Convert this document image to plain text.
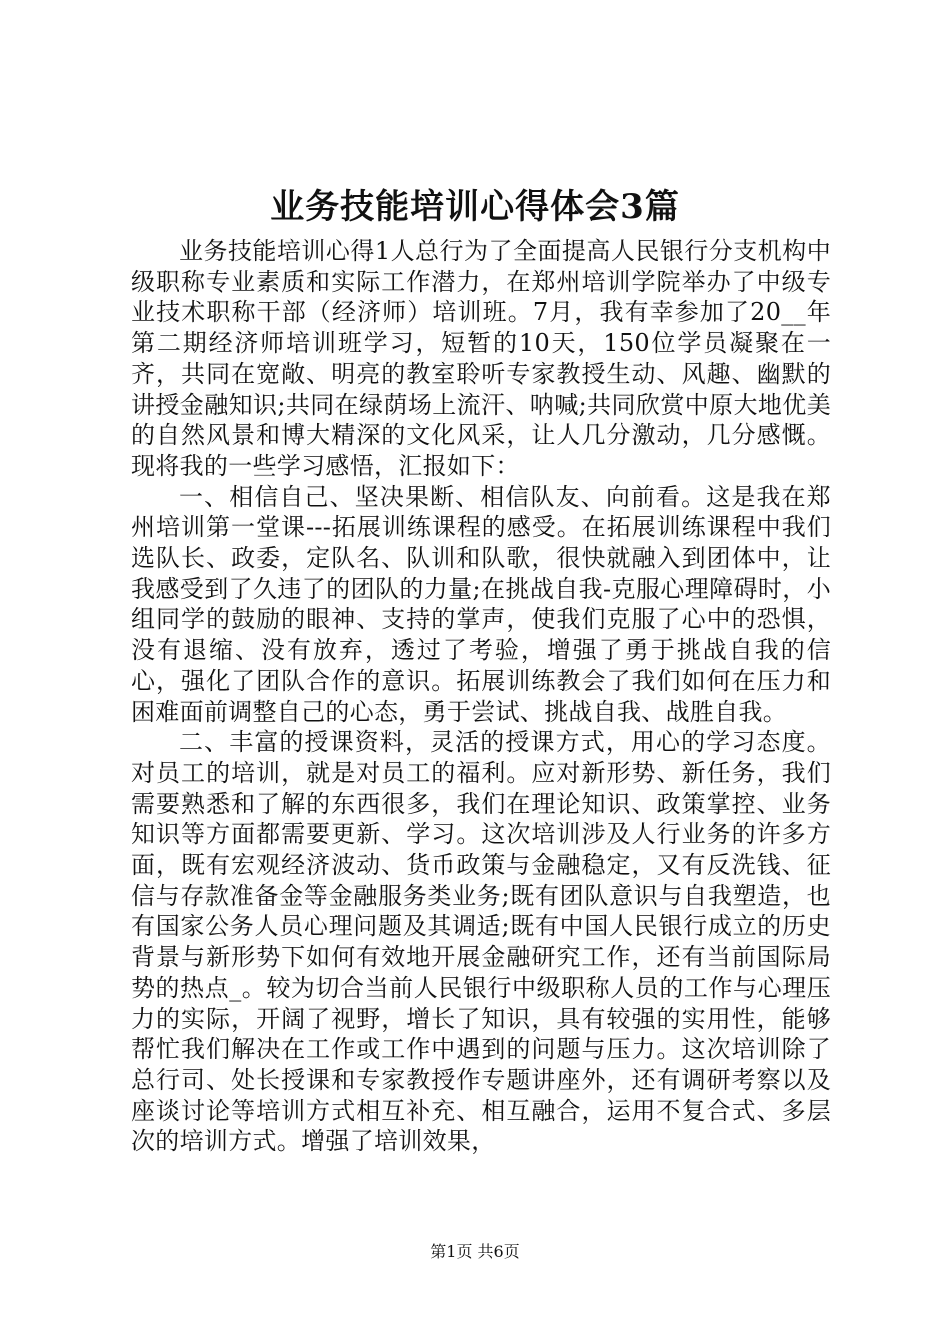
业务技能培训心得体会3篇

业务技能培训心得1人总行为了全面提高人民银行分支机构中级职称专业素质和实际工作潜力，在郑州培训学院举办了中级专业技术职称干部（经济师）培训班。7月，我有幸参加了20__年第二期经济师培训班学习，短暂的10天，150位学员凝聚在一齐，共同在宽敞、明亮的教室聆听专家教授生动、风趣、幽默的讲授金融知识;共同在绿荫场上流汗、呐喊;共同欣赏中原大地优美的自然风景和博大精深的文化风采，让人几分激动，几分感慨。现将我的一些学习感悟，汇报如下：

一、相信自己、坚决果断、相信队友、向前看。这是我在郑州培训第一堂课---拓展训练课程的感受。在拓展训练课程中我们选队长、政委，定队名、队训和队歌，很快就融入到团体中，让我感受到了久违了的团队的力量;在挑战自我-克服心理障碍时，小组同学的鼓励的眼神、支持的掌声，使我们克服了心中的恐惧，没有退缩、没有放弃，透过了考验，增强了勇于挑战自我的信心，强化了团队合作的意识。拓展训练教会了我们如何在压力和困难面前调整自己的心态，勇于尝试、挑战自我、战胜自我。

二、丰富的授课资料，灵活的授课方式，用心的学习态度。对员工的培训，就是对员工的福利。应对新形势、新任务，我们需要熟悉和了解的东西很多，我们在理论知识、政策掌控、业务知识等方面都需要更新、学习。这次培训涉及人行业务的许多方面，既有宏观经济波动、货币政策与金融稳定，又有反洗钱、征信与存款准备金等金融服务类业务;既有团队意识与自我塑造，也有国家公务人员心理问题及其调适;既有中国人民银行成立的历史背景与新形势下如何有效地开展金融研究工作，还有当前国际局势的热点_。较为切合当前人民银行中级职称人员的工作与心理压力的实际，开阔了视野，增长了知识，具有较强的实用性，能够帮忙我们解决在工作或工作中遇到的问题与压力。这次培训除了总行司、处长授课和专家教授作专题讲座外，还有调研考察以及座谈讨论等培训方式相互补充、相互融合，运用不复合式、多层次的培训方式。增强了培训效果，

第1页 共6页
